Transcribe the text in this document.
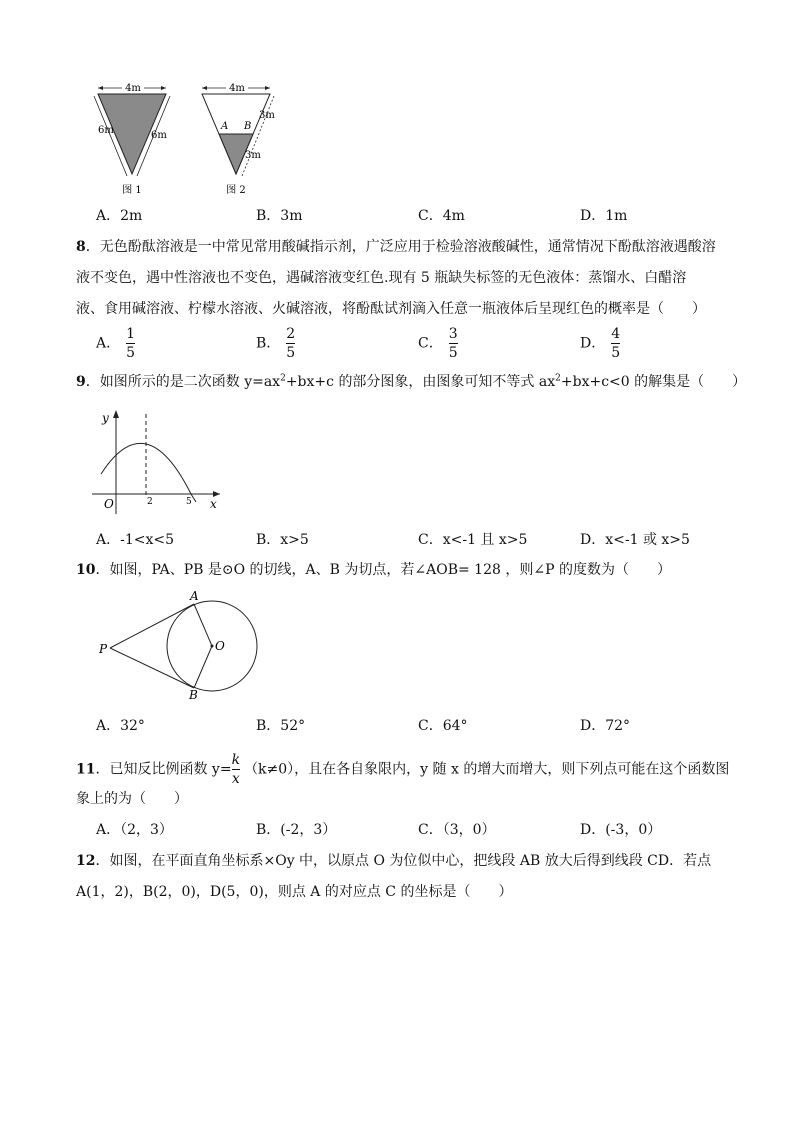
4m
6m	6m
图 1
4m
3m
3m
A B
图 2
A．2m	B．3m	C．4m	D．1m
8．无色酚酞溶液是一中常见常用酸碱指示剂，广泛应用于检验溶液酸碱性，通常情况下酚酞溶液遇酸溶
液不变色，遇中性溶液也不变色，遇碱溶液变红色.现有 5 瓶缺失标签的无色液体：蒸馏水、白醋溶
液、食用碱溶液、柠檬水溶液、火碱溶液，将酚酞试剂滴入任意一瓶液体后呈现红色的概率是（　　）
A． $\frac{1}{5}$	B． $\frac{2}{5}$	C． $\frac{3}{5}$	D． $\frac{4}{5}$
9．如图所示的是二次函数 $y=ax^2+bx+c$ 的部分图象，由图象可知不等式 $ax^2+bx+c<0$ 的解集是（　　）
y
x
O	2	5
A．-1<x<5	B．x>5	C．x<-1 且 x>5	D．x<-1 或 x>5
10．如图，PA、PB 是⊙O 的切线，A、B 为切点，若∠AOB= 128 ，则∠P 的度数为（　　）
A
B
P	O
A．32°	B．52°	C．64°	D．72°
11．已知反比例函数 $y= \frac{k}{x} (k\ne 0)$，且在各自象限内，y 随 x 的增大而增大，则下列点可能在这个函数图
象上的为（　　）
A．（2，3）	B．(-2，3）	C．（3，0）	D．(-3，0）
12．如图，在平面直角坐标系×Oy 中，以原点 O 为位似中心，把线段 AB 放大后得到线段 CD．若点
A(1，2)，B(2，0)，D(5，0)，则点 A 的对应点 C 的坐标是（　　）
